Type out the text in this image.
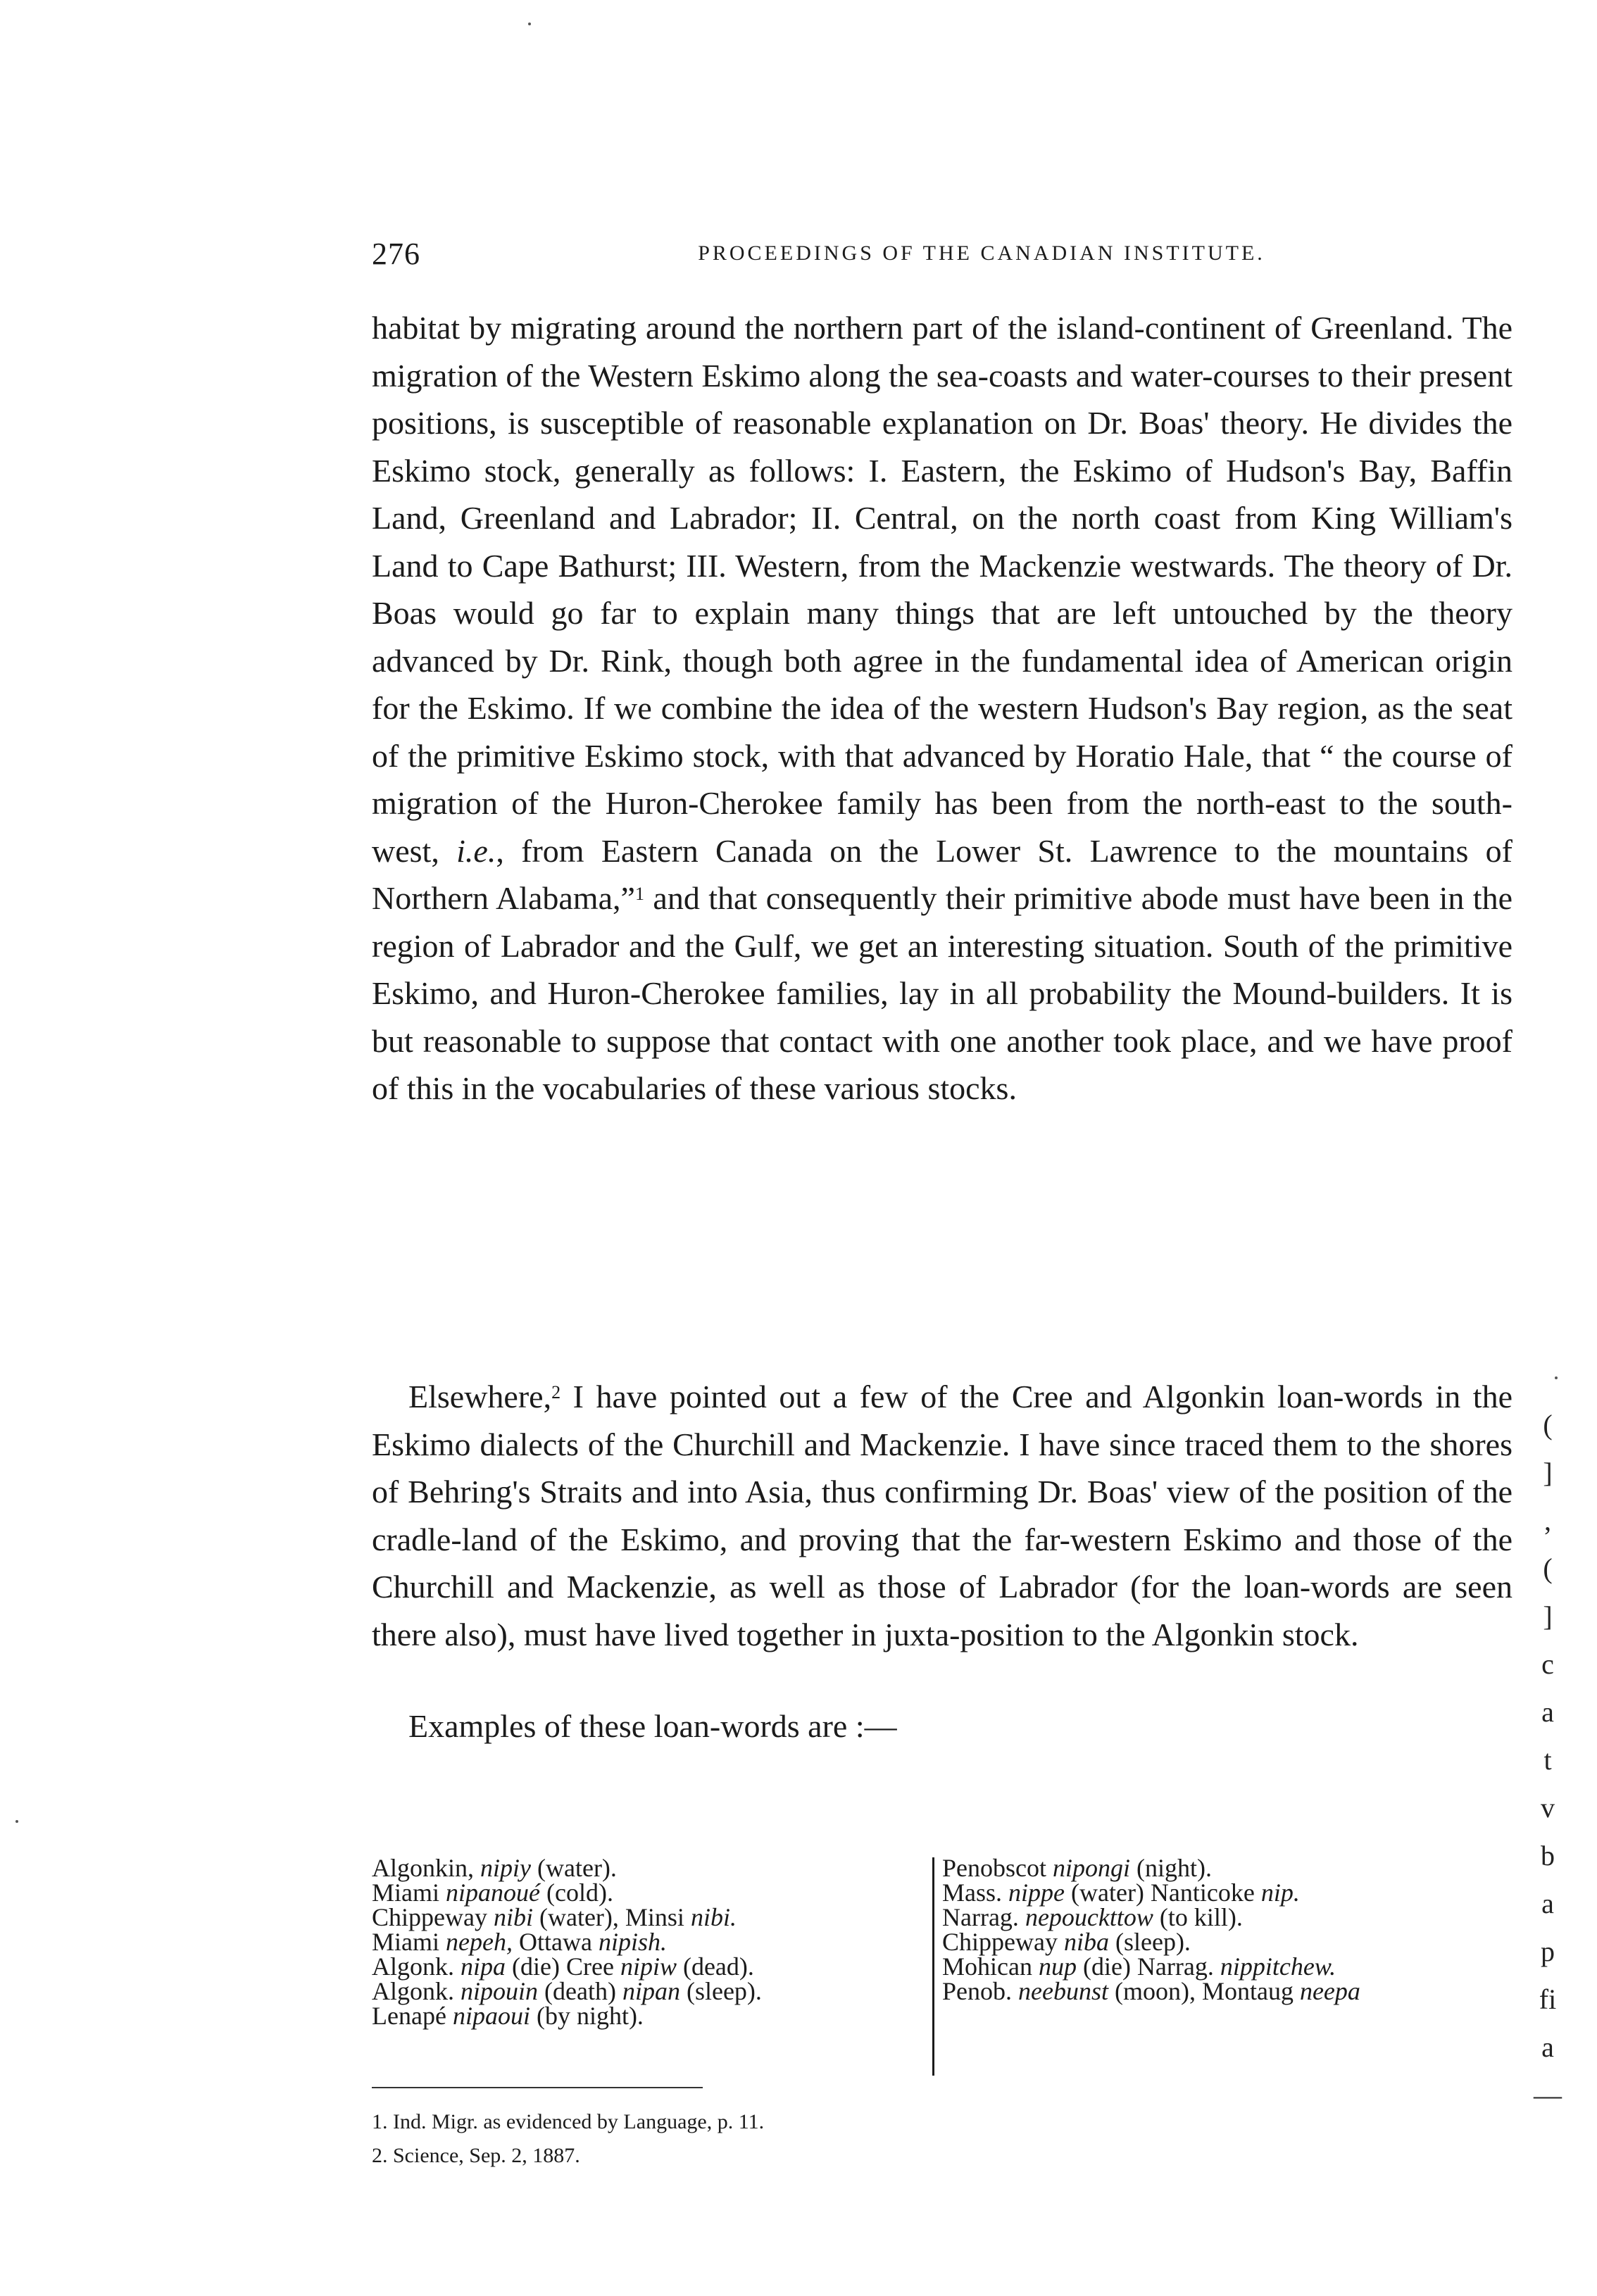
276	PROCEEDINGS OF THE CANADIAN INSTITUTE.

habitat by migrating around the northern part of the island-continent of Greenland. The migration of the Western Eskimo along the sea-coasts and water-courses to their present positions, is susceptible of reasonable explanation on Dr. Boas' theory. He divides the Eskimo stock, generally as follows: I. Eastern, the Eskimo of Hudson's Bay, Baffin Land, Greenland and Labrador; II. Central, on the north coast from King William's Land to Cape Bathurst; III. Western, from the Mackenzie westwards. The theory of Dr. Boas would go far to explain many things that are left untouched by the theory advanced by Dr. Rink, though both agree in the fundamental idea of American origin for the Eskimo. If we combine the idea of the western Hudson's Bay region, as the seat of the primitive Eskimo stock, with that advanced by Horatio Hale, that “ the course of migration of the Huron-Cherokee family has been from the north-east to the south-west, i.e., from Eastern Canada on the Lower St. Lawrence to the mountains of Northern Alabama,”$^1$ and that consequently their primitive abode must have been in the region of Labrador and the Gulf, we get an interesting situation. South of the primitive Eskimo, and Huron-Cherokee families, lay in all probability the Mound-builders. It is but reasonable to suppose that contact with one another took place, and we have proof of this in the vocabularies of these various stocks.

Elsewhere,$^2$ I have pointed out a few of the Cree and Algonkin loan-words in the Eskimo dialects of the Churchill and Mackenzie. I have since traced them to the shores of Behring's Straits and into Asia, thus confirming Dr. Boas' view of the position of the cradle-land of the Eskimo, and proving that the far-western Eskimo and those of the Churchill and Mackenzie, as well as those of Labrador (for the loan-words are seen there also), must have lived together in juxta-position to the Algonkin stock.

Examples of these loan-words are :—

Algonkin, nipiy (water).
Miami nipanoué (cold).
Chippeway nibi (water), Minsi nibi.
Miami nepeh, Ottawa nipish.
Algonk. nipa (die) Cree nipiw (dead).
Algonk. nipouin (death) nipan (sleep).
Lenapé nipaoui (by night).
Penobscot nipongi (night).
Mass. nippe (water) Nanticoke nip.
Narrag. nepouckttow (to kill).
Chippeway niba (sleep).
Mohican nup (die) Narrag. nippitchew.
Penob. neebunst (moon), Montaug neepa
1. Ind. Migr. as evidenced by Language, p. 11.
2. Science, Sep. 2, 1887.
(
]
,
(
]
c
a
t
v
b
a
p
fi
a
—
